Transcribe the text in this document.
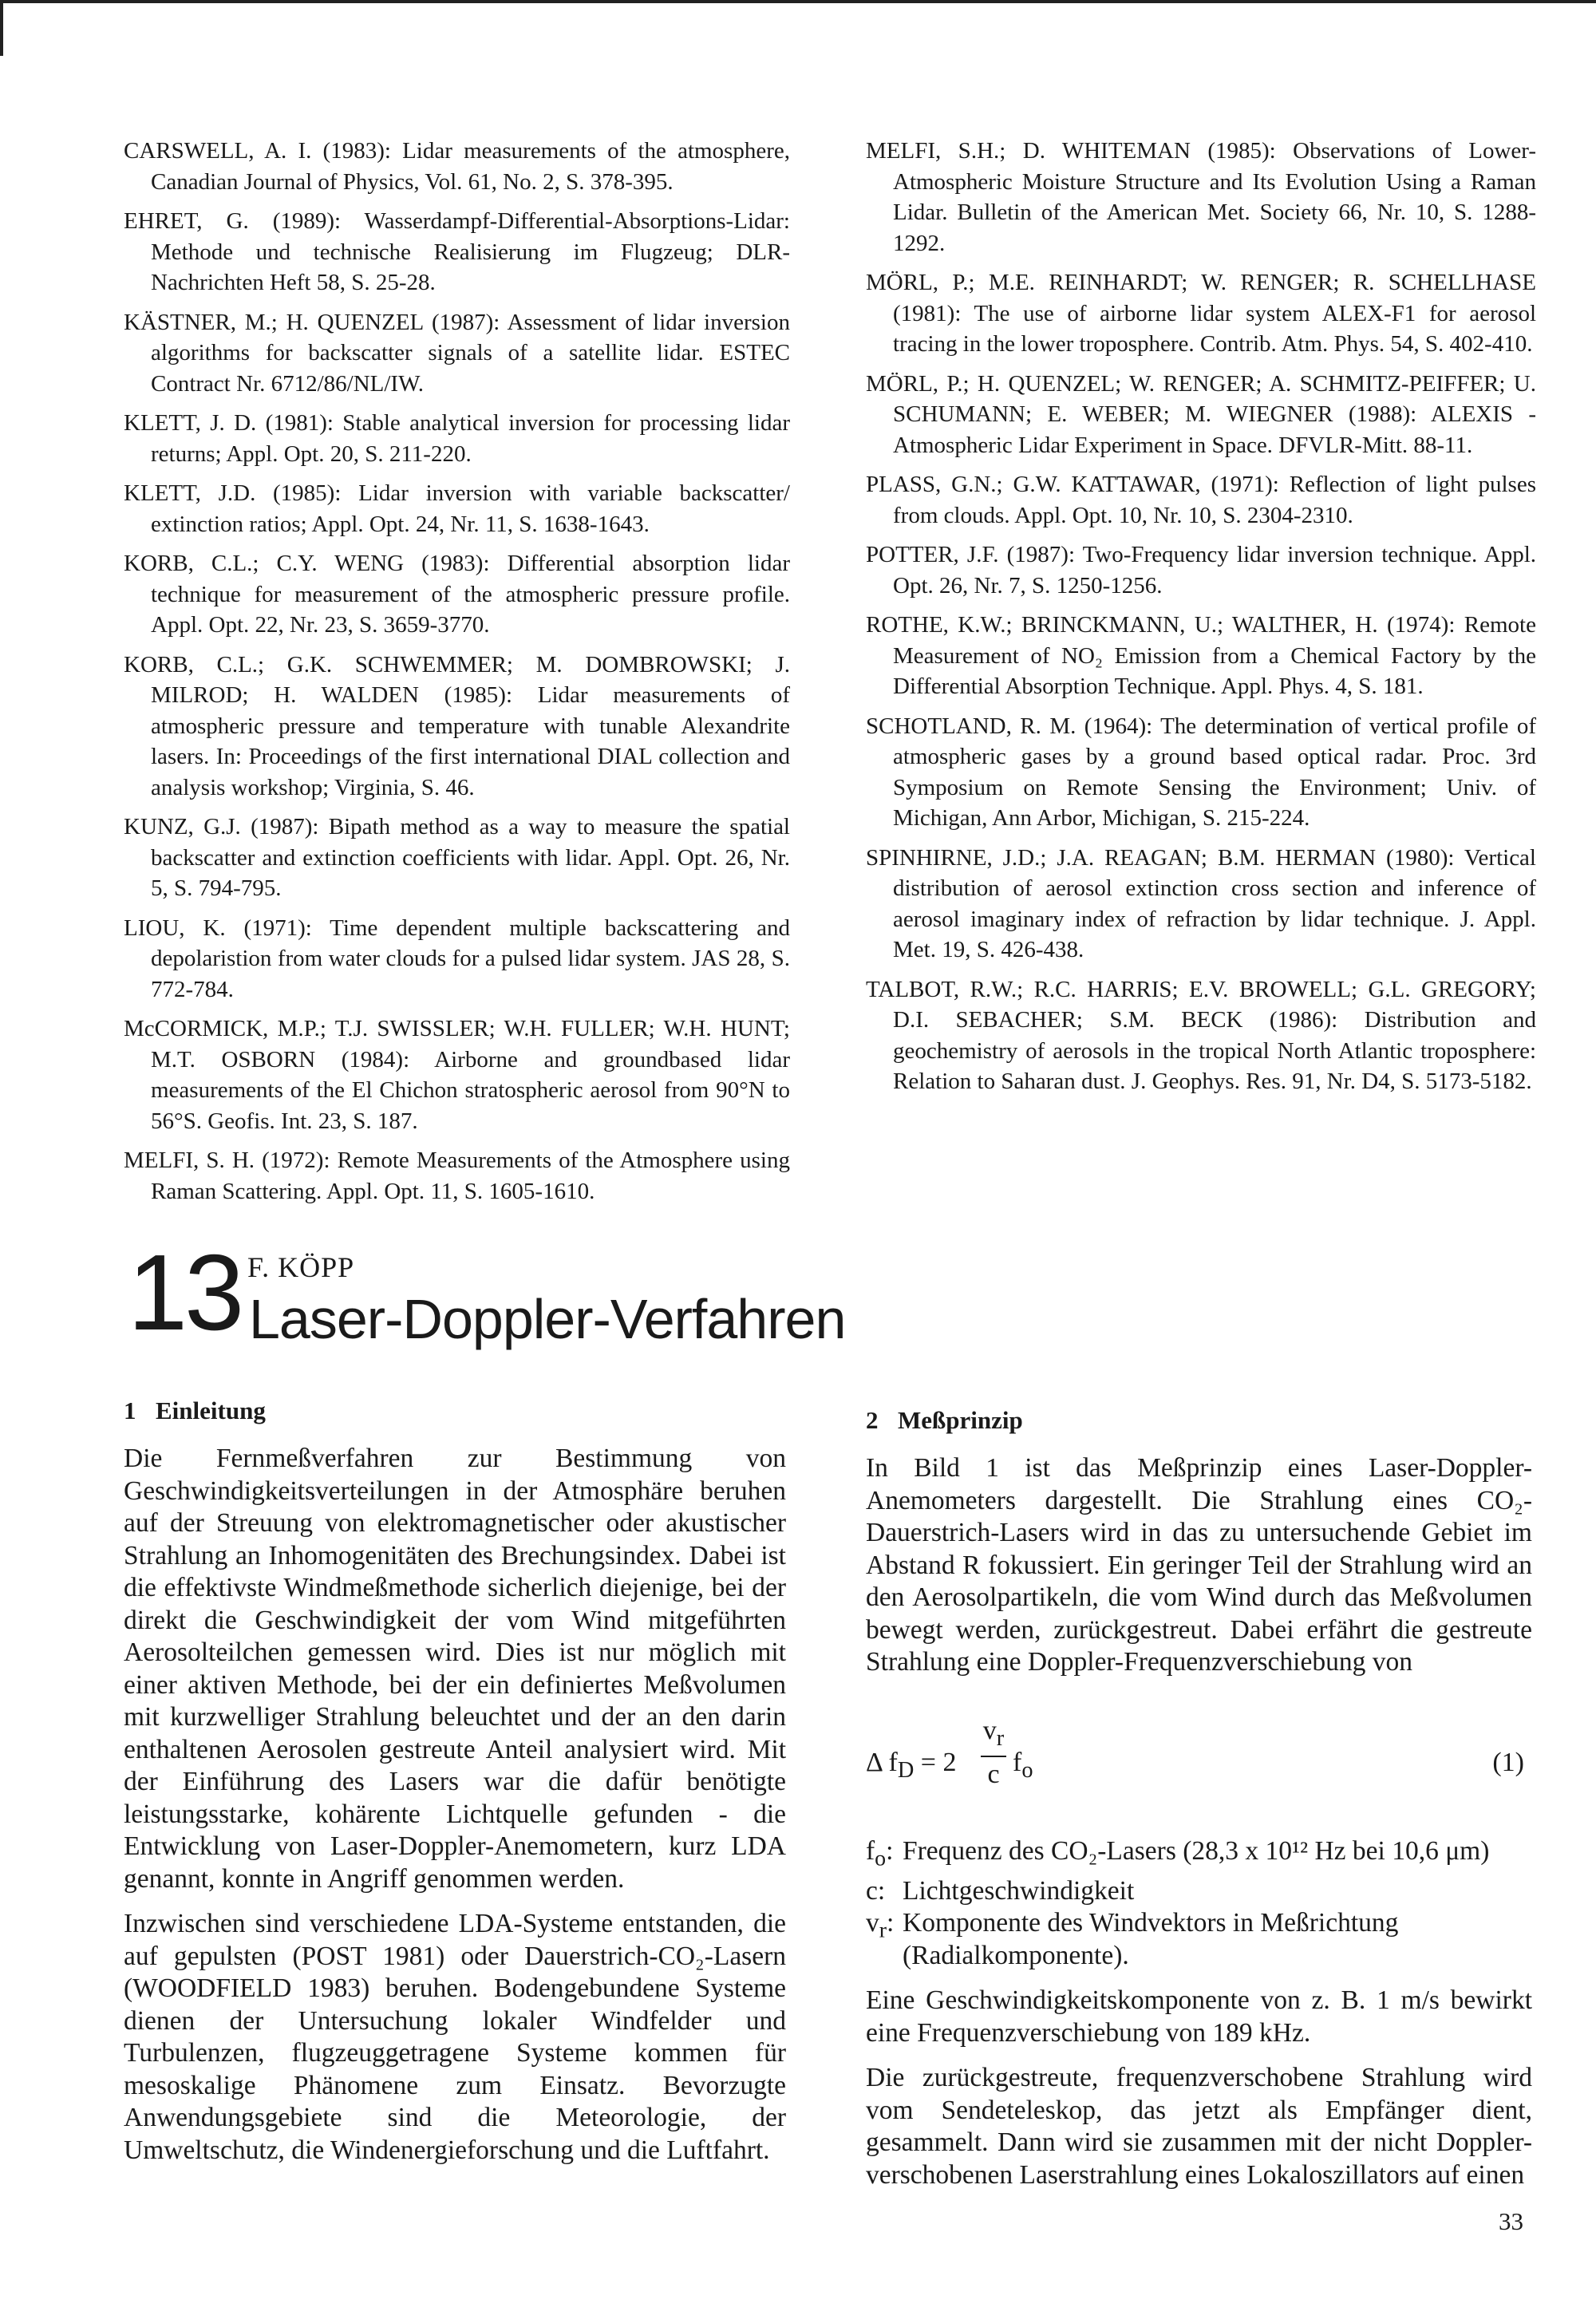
CARSWELL, A. I. (1983): Lidar measurements of the atmosphere, Canadian Journal of Physics, Vol. 61, No. 2, S. 378-395.

EHRET, G. (1989): Wasserdampf-Differential-Absorptions-Lidar: Methode und technische Realisierung im Flugzeug; DLR-Nachrichten Heft 58, S. 25-28.

KÄSTNER, M.; H. QUENZEL (1987): Assessment of lidar inversion algorithms for backscatter signals of a satellite lidar. ESTEC Contract Nr. 6712/86/NL/IW.

KLETT, J. D. (1981): Stable analytical inversion for processing lidar returns; Appl. Opt. 20, S. 211-220.

KLETT, J.D. (1985): Lidar inversion with variable backscatter/ extinction ratios; Appl. Opt. 24, Nr. 11, S. 1638-1643.

KORB, C.L.; C.Y. WENG (1983): Differential absorption lidar technique for measurement of the atmospheric pressure profile. Appl. Opt. 22, Nr. 23, S. 3659-3770.

KORB, C.L.; G.K. SCHWEMMER; M. DOMBROWSKI; J. MILROD; H. WALDEN (1985): Lidar measurements of atmospheric pressure and temperature with tunable Alexandrite lasers. In: Proceedings of the first international DIAL collection and analysis workshop; Virginia, S. 46.

KUNZ, G.J. (1987): Bipath method as a way to measure the spatial backscatter and extinction coefficients with lidar. Appl. Opt. 26, Nr. 5, S. 794-795.

LIOU, K. (1971): Time dependent multiple backscattering and depolaristion from water clouds for a pulsed lidar system. JAS 28, S. 772-784.

McCORMICK, M.P.; T.J. SWISSLER; W.H. FULLER; W.H. HUNT; M.T. OSBORN (1984): Airborne and groundbased lidar measurements of the El Chichon stratospheric aerosol from 90°N to 56°S. Geofis. Int. 23, S. 187.

MELFI, S. H. (1972): Remote Measurements of the Atmosphere using Raman Scattering. Appl. Opt. 11, S. 1605-1610.

MELFI, S.H.; D. WHITEMAN (1985): Observations of Lower-Atmospheric Moisture Structure and Its Evolution Using a Raman Lidar. Bulletin of the American Met. Society 66, Nr. 10, S. 1288-1292.

MÖRL, P.; M.E. REINHARDT; W. RENGER; R. SCHELLHASE (1981): The use of airborne lidar system ALEX-F1 for aerosol tracing in the lower troposphere. Contrib. Atm. Phys. 54, S. 402-410.

MÖRL, P.; H. QUENZEL; W. RENGER; A. SCHMITZ-PEIFFER; U. SCHUMANN; E. WEBER; M. WIEGNER (1988): ALEXIS - Atmospheric Lidar Experiment in Space. DFVLR-Mitt. 88-11.

PLASS, G.N.; G.W. KATTAWAR, (1971): Reflection of light pulses from clouds. Appl. Opt. 10, Nr. 10, S. 2304-2310.

POTTER, J.F. (1987): Two-Frequency lidar inversion technique. Appl. Opt. 26, Nr. 7, S. 1250-1256.

ROTHE, K.W.; BRINCKMANN, U.; WALTHER, H. (1974): Remote Measurement of NO₂ Emission from a Chemical Factory by the Differential Absorption Technique. Appl. Phys. 4, S. 181.

SCHOTLAND, R. M. (1964): The determination of vertical profile of atmospheric gases by a ground based optical radar. Proc. 3rd Symposium on Remote Sensing the Environment; Univ. of Michigan, Ann Arbor, Michigan, S. 215-224.

SPINHIRNE, J.D.; J.A. REAGAN; B.M. HERMAN (1980): Vertical distribution of aerosol extinction cross section and inference of aerosol imaginary index of refraction by lidar technique. J. Appl. Met. 19, S. 426-438.

TALBOT, R.W.; R.C. HARRIS; E.V. BROWELL; G.L. GREGORY; D.I. SEBACHER; S.M. BECK (1986): Distribution and geochemistry of aerosols in the tropical North Atlantic troposphere: Relation to Saharan dust. J. Geophys. Res. 91, Nr. D4, S. 5173-5182.

13 F. KÖPP
Laser-Doppler-Verfahren
1 Einleitung

Die Fernmeßverfahren zur Bestimmung von Geschwindigkeitsverteilungen in der Atmosphäre beruhen auf der Streuung von elektromagnetischer oder akustischer Strahlung an Inhomogenitäten des Brechungsindex. Dabei ist die effektivste Windmeßmethode sicherlich diejenige, bei der direkt die Geschwindigkeit der vom Wind mitgeführten Aerosolteilchen gemessen wird. Dies ist nur möglich mit einer aktiven Methode, bei der ein definiertes Meßvolumen mit kurzwelliger Strahlung beleuchtet und der an den darin enthaltenen Aerosolen gestreute Anteil analysiert wird. Mit der Einführung des Lasers war die dafür benötigte leistungsstarke, kohärente Lichtquelle gefunden - die Entwicklung von Laser-Doppler-Anemometern, kurz LDA genannt, konnte in Angriff genommen werden.

Inzwischen sind verschiedene LDA-Systeme entstanden, die auf gepulsten (POST 1981) oder Dauerstrich-CO₂-Lasern (WOODFIELD 1983) beruhen. Bodengebundene Systeme dienen der Untersuchung lokaler Windfelder und Turbulenzen, flugzeuggetragene Systeme kommen für mesoskalige Phänomene zum Einsatz. Bevorzugte Anwendungsgebiete sind die Meteorologie, der Umweltschutz, die Windenergieforschung und die Luftfahrt.

2 Meßprinzip

In Bild 1 ist das Meßprinzip eines Laser-Doppler-Anemometers dargestellt. Die Strahlung eines CO₂-Dauerstrich-Lasers wird in das zu untersuchende Gebiet im Abstand R fokussiert. Ein geringer Teil der Strahlung wird an den Aerosolpartikeln, die vom Wind durch das Meßvolumen bewegt werden, zurückgestreut. Dabei erfährt die gestreute Strahlung eine Doppler-Frequenzverschiebung von

Δ $f_D = 2$
$v_r$
c $f_o$	(1)
$f_o$: Frequenz des CO₂-Lasers (28,3 x 10¹² Hz bei 10,6 μm)
c: Lichtgeschwindigkeit
$v_r$: Komponente des Windvektors in Meßrichtung (Radialkomponente).

Eine Geschwindigkeitskomponente von z. B. 1 m/s bewirkt eine Frequenzverschiebung von 189 kHz.

Die zurückgestreute, frequenzverschobene Strahlung wird vom Sendeteleskop, das jetzt als Empfänger dient, gesammelt. Dann wird sie zusammen mit der nicht Doppler-verschobenen Laserstrahlung eines Lokaloszillators auf einen

33
